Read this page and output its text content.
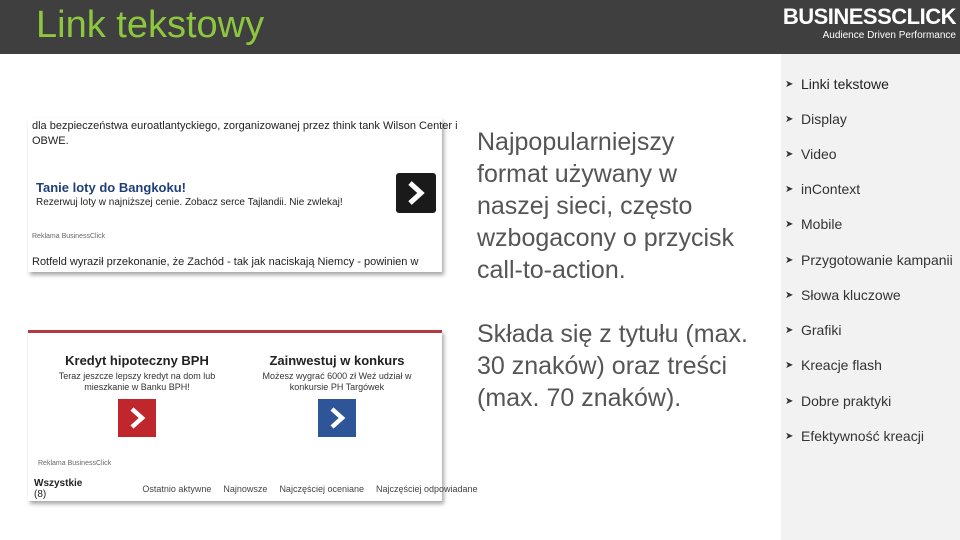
Link tekstowy	BUSINESSCLICK
Audience Driven Performance
dla bezpieczeństwa euroatlantyckiego, zorganizowanej przez think tank Wilson Center i
OBWE.
Tanie loty do Bangkoku!
Rezerwuj loty w najniższej cenie. Zobacz serce Tajlandii. Nie zwlekaj!
Reklama BusinessClick
Rotfeld wyraził przekonanie, że Zachód - tak jak naciskają Niemcy - powinien w
Kredyt hipoteczny BPH
Teraz jeszcze lepszy kredyt na dom lub mieszkanie w Banku BPH!
Zainwestuj w konkurs
Możesz wygrać 6000 zł Weź udział w konkursie PH Targówek
Reklama BusinessClick
Wszystkie (8)	Ostatnio aktywne Najnowsze Najczęściej oceniane Najczęściej odpowiadane
Najpopularniejszy
format używany w
naszej sieci, często
wzbogacony o przycisk
call-to-action.
Składa się z tytułu (max.
30 znaków) oraz treści
(max. 70 znaków).
➤ Linki tekstowe
➤ Display
➤ Video
➤ inContext
➤ Mobile
➤ Przygotowanie kampanii
➤ Słowa kluczowe
➤ Grafiki
➤ Kreacje flash
➤ Dobre praktyki
➤ Efektywność kreacji
